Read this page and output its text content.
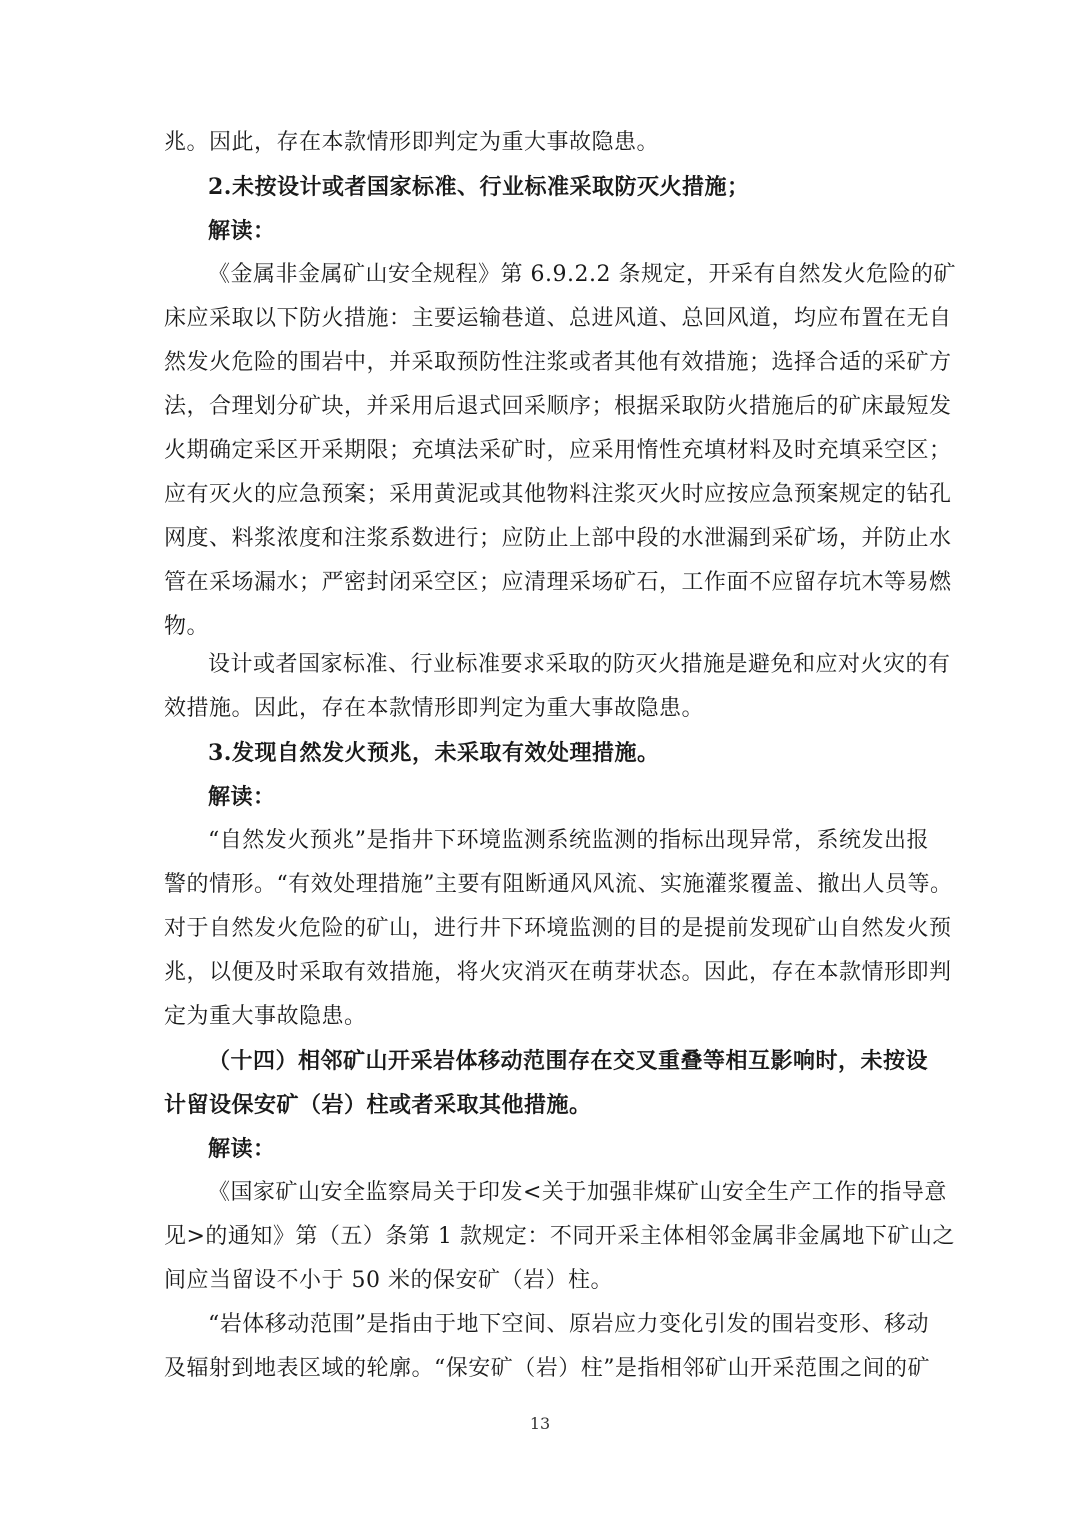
兆。因此，存在本款情形即判定为重大事故隐患。
2.未按设计或者国家标准、行业标准采取防灭火措施；
解读：
《金属非金属矿山安全规程》第 6.9.2.2 条规定，开采有自然发火危险的矿
床应采取以下防火措施：主要运输巷道、总进风道、总回风道，均应布置在无自
然发火危险的围岩中，并采取预防性注浆或者其他有效措施；选择合适的采矿方
法，合理划分矿块，并采用后退式回采顺序；根据采取防火措施后的矿床最短发
火期确定采区开采期限；充填法采矿时，应采用惰性充填材料及时充填采空区；
应有灭火的应急预案；采用黄泥或其他物料注浆灭火时应按应急预案规定的钻孔
网度、料浆浓度和注浆系数进行；应防止上部中段的水泄漏到采矿场，并防止水
管在采场漏水；严密封闭采空区；应清理采场矿石，工作面不应留存坑木等易燃
物。
设计或者国家标准、行业标准要求采取的防灭火措施是避免和应对火灾的有
效措施。因此，存在本款情形即判定为重大事故隐患。
3.发现自然发火预兆，未采取有效处理措施。
解读：
“自然发火预兆”是指井下环境监测系统监测的指标出现异常，系统发出报
警的情形。“有效处理措施”主要有阻断通风风流、实施灌浆覆盖、撤出人员等。
对于自然发火危险的矿山，进行井下环境监测的目的是提前发现矿山自然发火预
兆，以便及时采取有效措施，将火灾消灭在萌芽状态。因此，存在本款情形即判
定为重大事故隐患。
（十四）相邻矿山开采岩体移动范围存在交叉重叠等相互影响时，未按设
计留设保安矿（岩）柱或者采取其他措施。
解读：
《国家矿山安全监察局关于印发<关于加强非煤矿山安全生产工作的指导意
见>的通知》第（五）条第 1 款规定：不同开采主体相邻金属非金属地下矿山之
间应当留设不小于 50 米的保安矿（岩）柱。
“岩体移动范围”是指由于地下空间、原岩应力变化引发的围岩变形、移动
及辐射到地表区域的轮廓。“保安矿（岩）柱”是指相邻矿山开采范围之间的矿
13
